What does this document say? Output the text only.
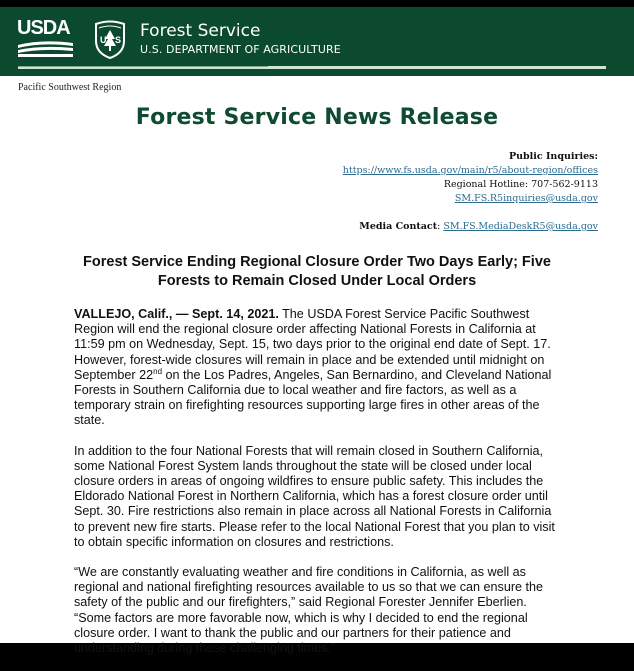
USDA
U S Forest Service
U.S. DEPARTMENT OF AGRICULTURE
Pacific Southwest Region
Forest Service News Release
Public Inquiries:
https://www.fs.usda.gov/main/r5/about-region/offices
Regional Hotline: 707-562-9113
SM.FS.R5inquiries@usda.gov
Media Contact: SM.FS.MediaDeskR5@usda.gov
Forest Service Ending Regional Closure Order Two Days Early; Five
Forests to Remain Closed Under Local Orders

VALLEJO, Calif., — Sept. 14, 2021. The USDA Forest Service Pacific Southwest
Region will end the regional closure order affecting National Forests in California at
11:59 pm on Wednesday, Sept. 15, two days prior to the original end date of Sept. 17.
However, forest-wide closures will remain in place and be extended until midnight on
September 22nd on the Los Padres, Angeles, San Bernardino, and Cleveland National
Forests in Southern California due to local weather and fire factors, as well as a
temporary strain on firefighting resources supporting large fires in other areas of the
state.

In addition to the four National Forests that will remain closed in Southern California,
some National Forest System lands throughout the state will be closed under local
closure orders in areas of ongoing wildfires to ensure public safety. This includes the
Eldorado National Forest in Northern California, which has a forest closure order until
Sept. 30. Fire restrictions also remain in place across all National Forests in California
to prevent new fire starts. Please refer to the local National Forest that you plan to visit
to obtain specific information on closures and restrictions.

“We are constantly evaluating weather and fire conditions in California, as well as
regional and national firefighting resources available to us so that we can ensure the
safety of the public and our firefighters,” said Regional Forester Jennifer Eberlien.
“Some factors are more favorable now, which is why I decided to end the regional
closure order. I want to thank the public and our partners for their patience and
understanding during these challenging times.”
